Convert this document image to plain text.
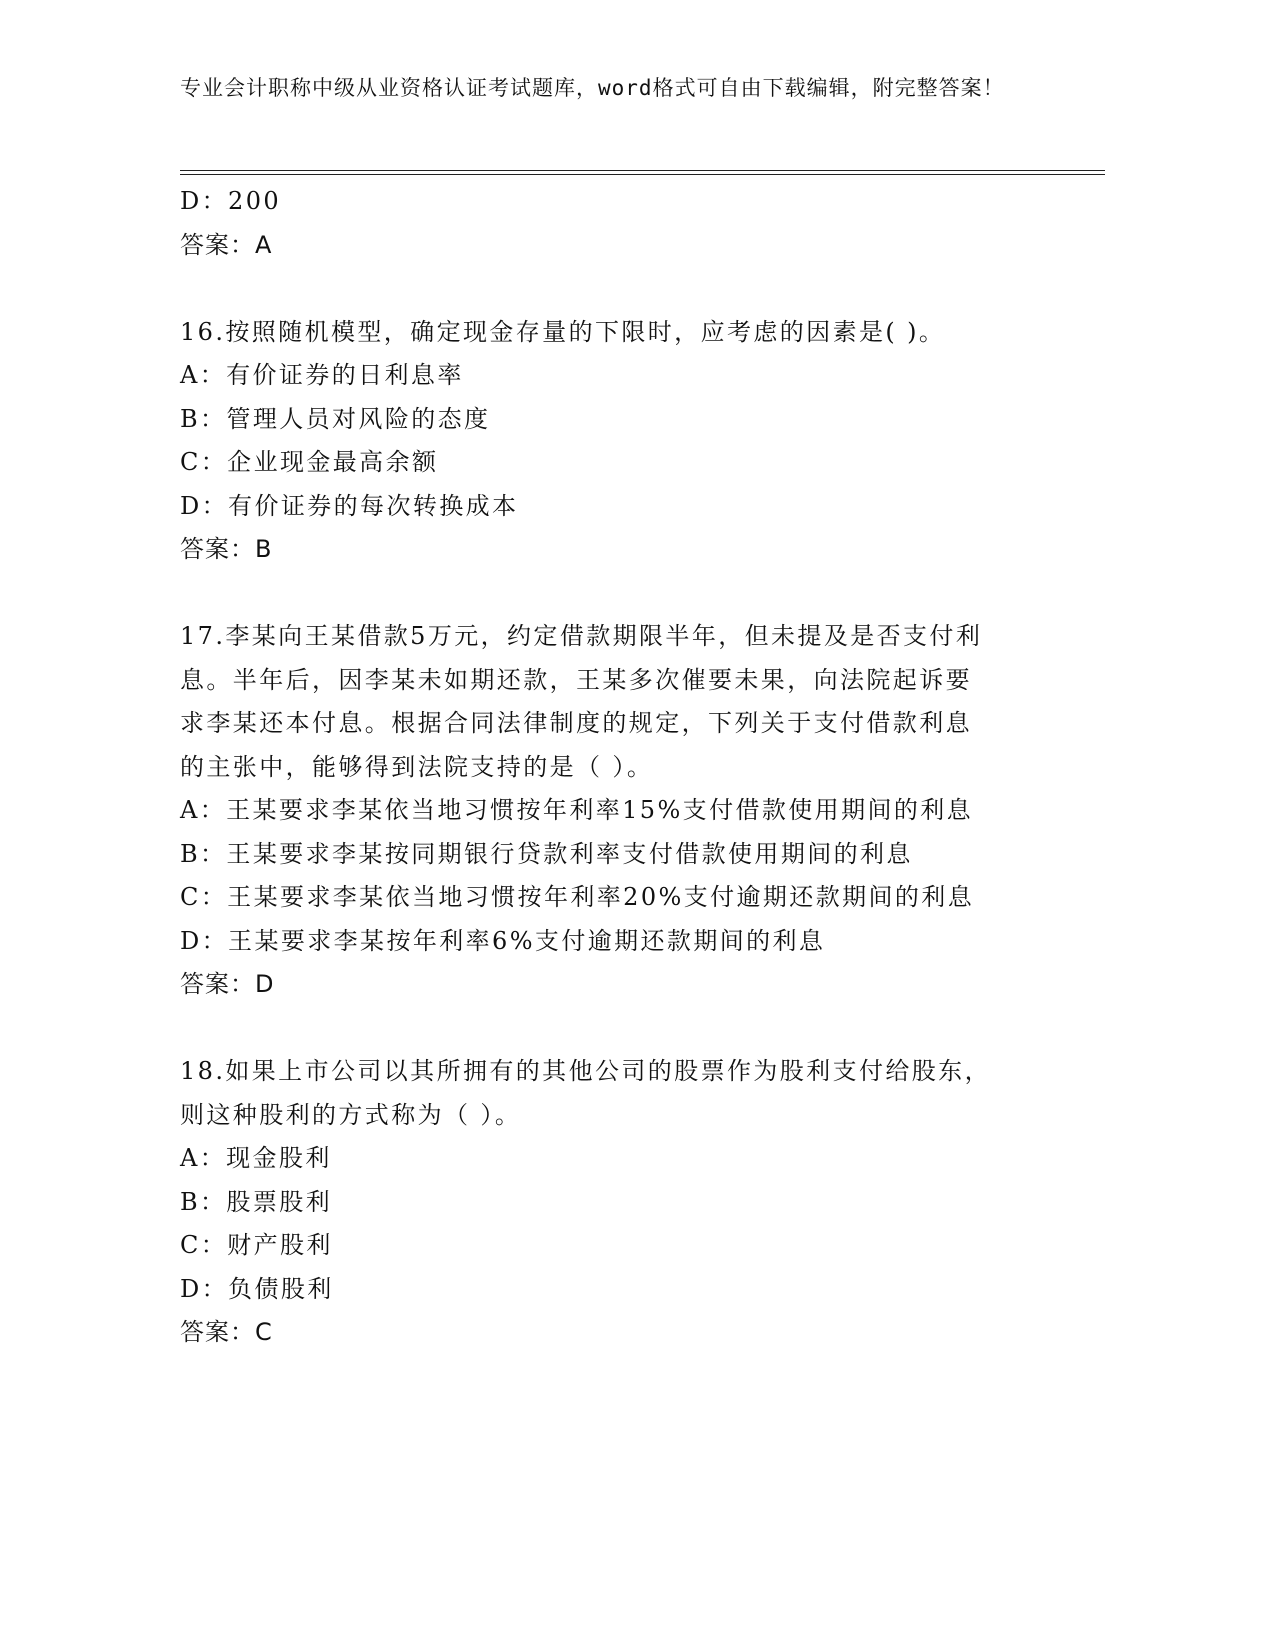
专业会计职称中级从业资格认证考试题库，word格式可自由下载编辑，附完整答案！
D：200
答案：A
16.按照随机模型，确定现金存量的下限时，应考虑的因素是( )。
A：有价证券的日利息率
B：管理人员对风险的态度
C：企业现金最高余额
D：有价证券的每次转换成本
答案：B
17.李某向王某借款5万元，约定借款期限半年，但未提及是否支付利
息。半年后，因李某未如期还款，王某多次催要未果，向法院起诉要
求李某还本付息。根据合同法律制度的规定，下列关于支付借款利息
的主张中，能够得到法院支持的是（ ）。
A：王某要求李某依当地习惯按年利率15%支付借款使用期间的利息
B：王某要求李某按同期银行贷款利率支付借款使用期间的利息
C：王某要求李某依当地习惯按年利率20%支付逾期还款期间的利息
D：王某要求李某按年利率6%支付逾期还款期间的利息
答案：D
18.如果上市公司以其所拥有的其他公司的股票作为股利支付给股东，
则这种股利的方式称为（ ）。
A：现金股利
B：股票股利
C：财产股利
D：负债股利
答案：C
